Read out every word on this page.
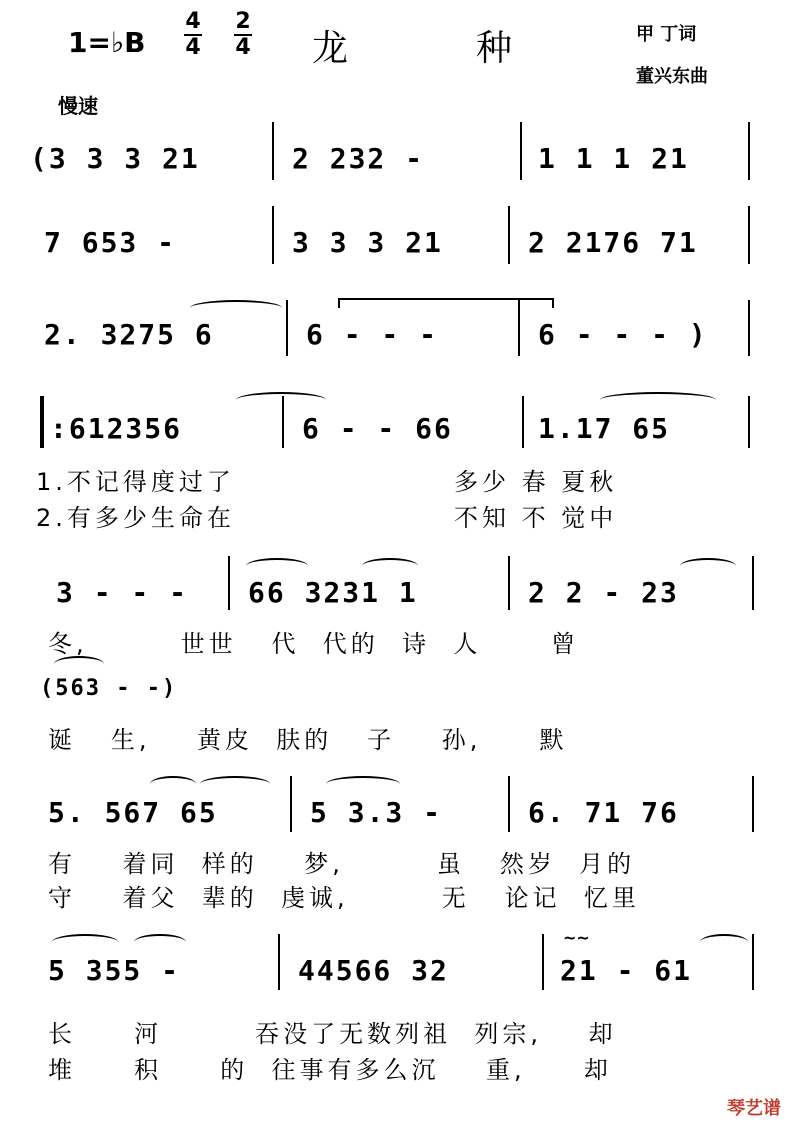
1=♭B
4
4
2
4 龙	种	甲 丁词
董兴东曲
慢速
(3 3 3 21	2 232 -	1 1 1 21
7 653 -	3 3 3 21	2 2176 71
2. 3275 6	6 - - -	6 - - - )
:612356	6 - - 66	1.17 65
1.不记得度过了	多少 春 夏秋
2.有多少生命在	不知 不 觉中
3 - - - 66 3231 1	2 2 - 23
冬,        世世   代  代的  诗  人      曾
(563 - -)
诞   生,    黄皮  肤的   子    孙,     默
5. 567 65	5 3.3 -	6. 71 76
有    着同  样的    梦,        虽   然岁  月的
守    着父  辈的  虔诚,        无   论记  忆里
~~
5 355 -	44566 32	21 - 61
长     河        吞没了无数列祖  列宗,    却
堆     积     的  往事有多么沉    重,     却
琴艺谱
